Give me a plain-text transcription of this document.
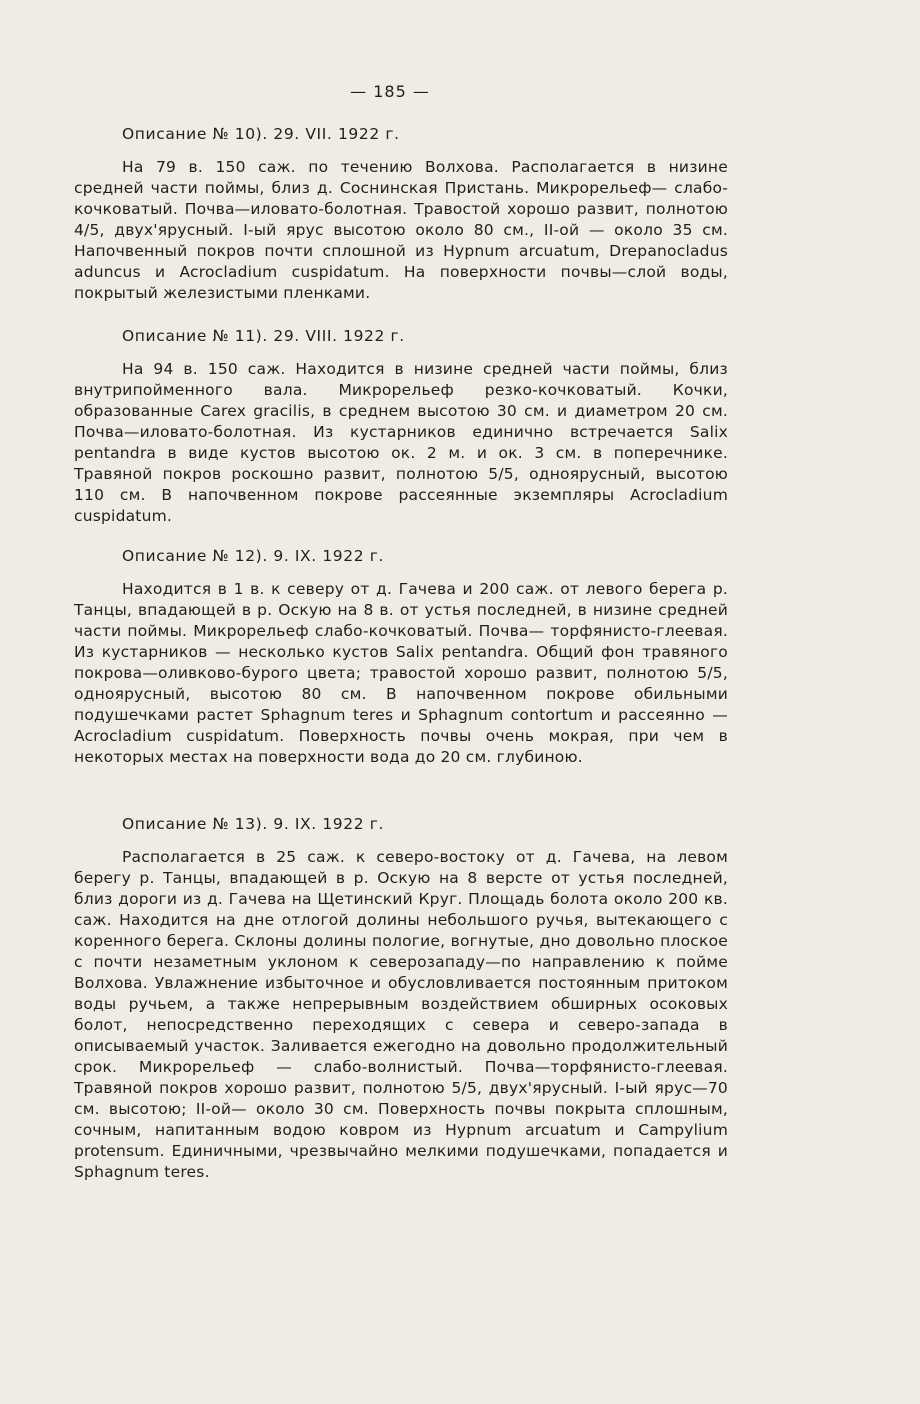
— 185 —
Описание № 10). 29. VII. 1922 г.

На 79 в. 150 саж. по течению Волхова. Располагается в низине средней части поймы, близ д. Соснинская Пристань. Микрорельеф— слабо-кочковатый. Почва—иловато-болотная. Травостой хорошо развит, полнотою 4/5, двух'ярусный. I-ый ярус высотою около 80 см., II-ой — около 35 см. Напочвенный покров почти сплошной из Hypnum arcuatum, Drepanocladus aduncus и Acrocladium cuspidatum. На поверхности почвы—слой воды, покрытый железистыми пленками.

Описание № 11). 29. VIII. 1922 г.

На 94 в. 150 саж. Находится в низине средней части поймы, близ внутрипойменного вала. Микрорельеф резко-кочковатый. Кочки, образованные Carex gracilis, в среднем высотою 30 см. и диаметром 20 см. Почва—иловато-болотная. Из кустарников единично встречается Salix pentandra в виде кустов высотою ок. 2 м. и ок. 3 см. в поперечнике. Травяной покров роскошно развит, полнотою 5/5, одноярусный, высотою 110 см. В напочвенном покрове рассеянные экземпляры Acrocladium cuspidatum.

Описание № 12). 9. IX. 1922 г.

Находится в 1 в. к северу от д. Гачева и 200 саж. от левого берега р. Танцы, впадающей в р. Оскую на 8 в. от устья последней, в низине средней части поймы. Микрорельеф слабо-кочковатый. Почва— торфянисто-глеевая. Из кустарников — несколько кустов Salix pentandra. Общий фон травяного покрова—оливково-бурого цвета; травостой хорошо развит, полнотою 5/5, одноярусный, высотою 80 см. В напочвенном покрове обильными подушечками растет Sphagnum teres и Sphagnum contortum и рассеянно — Acrocladium cuspidatum. Поверхность почвы очень мокрая, при чем в некоторых местах на поверхности вода до 20 см. глубиною.

Описание № 13). 9. IX. 1922 г.

Располагается в 25 саж. к северо-востоку от д. Гачева, на левом берегу р. Танцы, впадающей в р. Оскую на 8 версте от устья последней, близ дороги из д. Гачева на Щетинский Круг. Площадь болота около 200 кв. саж. Находится на дне отлогой долины небольшого ручья, вытекающего с коренного берега. Склоны долины пологие, вогнутые, дно довольно плоское с почти незаметным уклоном к северозападу—по направлению к пойме Волхова. Увлажнение избыточное и обусловливается постоянным притоком воды ручьем, а также непрерывным воздействием обширных осоковых болот, непосредственно переходящих с севера и северо-запада в описываемый участок. Заливается ежегодно на довольно продолжительный срок. Микрорельеф — слабо-волнистый. Почва—торфянисто-глеевая. Травяной покров хорошо развит, полнотою 5/5, двух'ярусный. I-ый ярус—70 см. высотою; II-ой— около 30 см. Поверхность почвы покрыта сплошным, сочным, напитанным водою ковром из Hypnum arcuatum и Campylium protensum. Единичными, чрезвычайно мелкими подушечками, попадается и Sphagnum teres.
